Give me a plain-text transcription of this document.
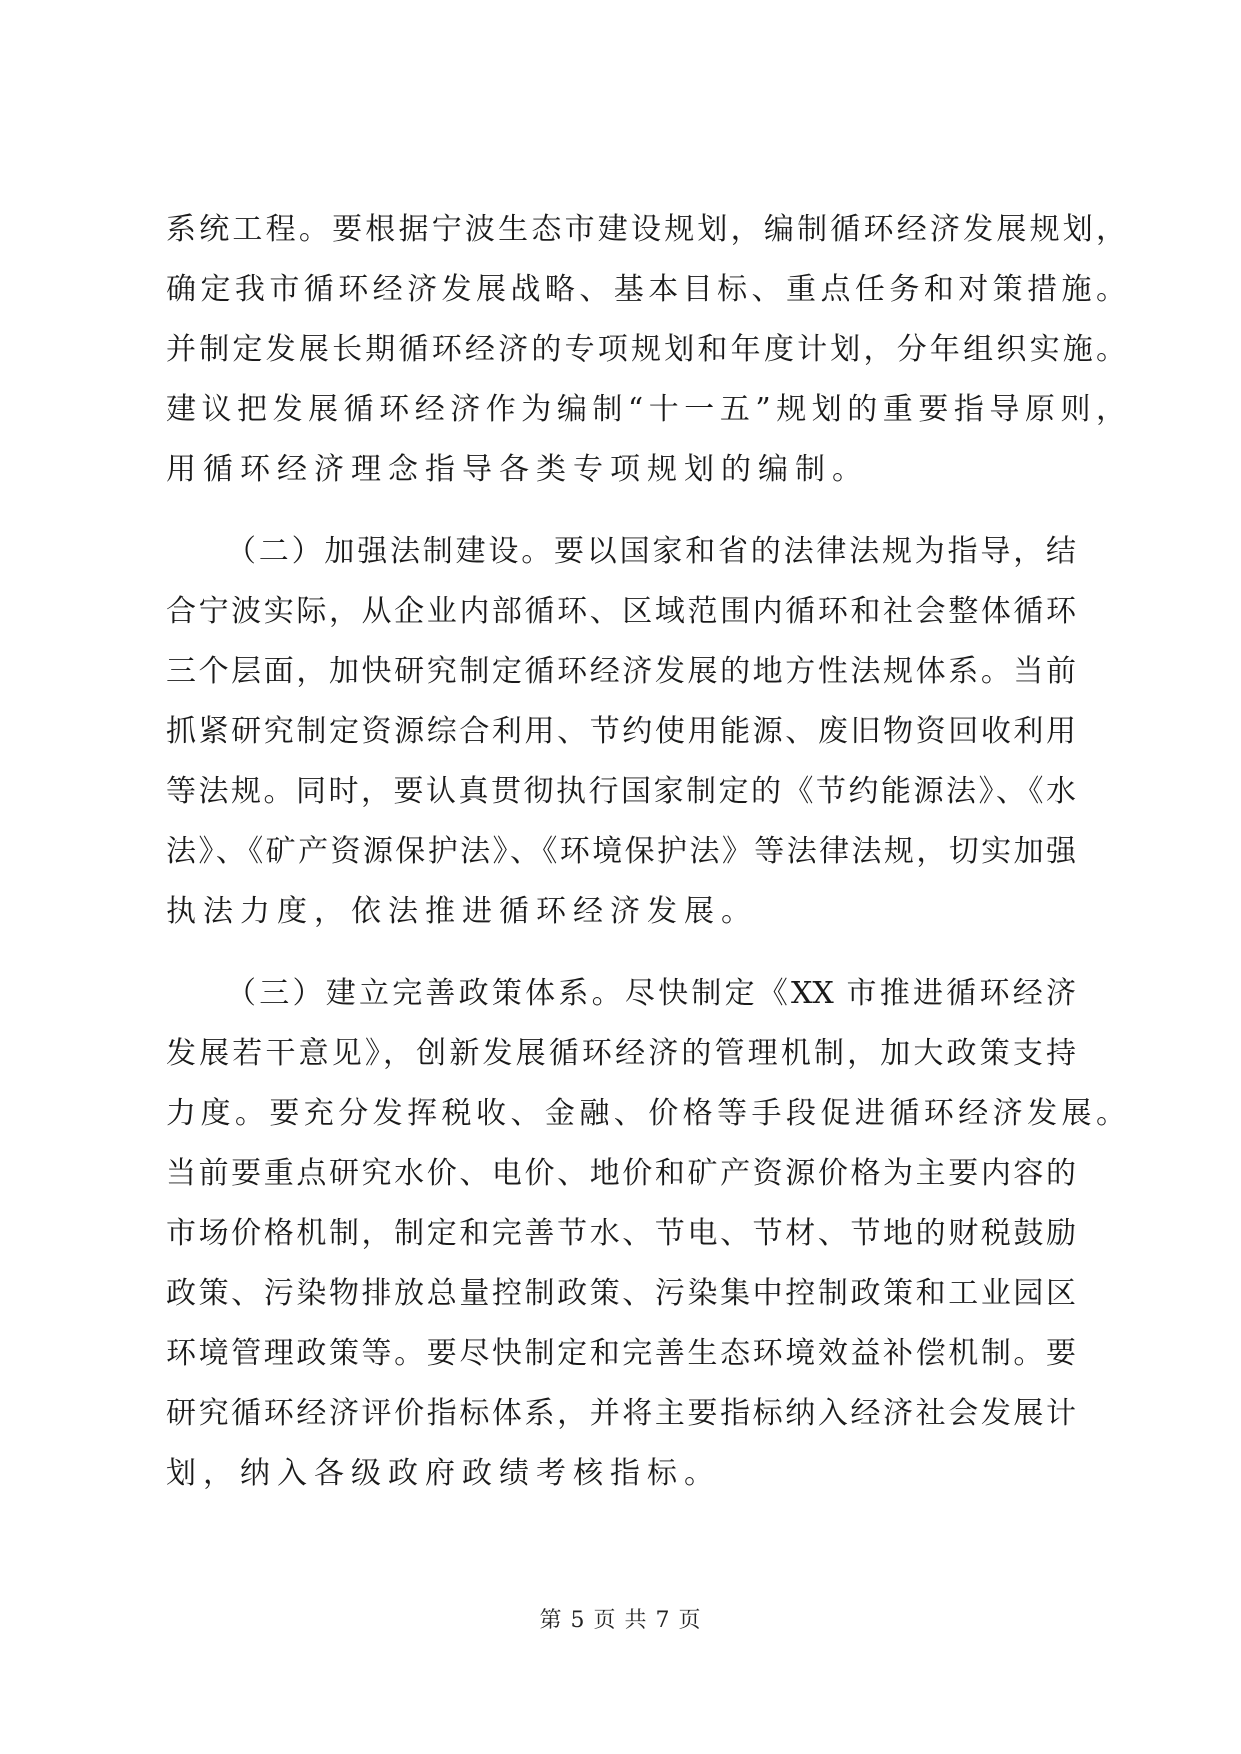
系统工程。要根据宁波生态市建设规划，编制循环经济发展规划，
确定我市循环经济发展战略、基本目标、重点任务和对策措施。
并制定发展长期循环经济的专项规划和年度计划，分年组织实施。
建议把发展循环经济作为编制“十一五”规划的重要指导原则，
用循环经济理念指导各类专项规划的编制。
（二）加强法制建设。要以国家和省的法律法规为指导，结
合宁波实际，从企业内部循环、区域范围内循环和社会整体循环
三个层面，加快研究制定循环经济发展的地方性法规体系。当前
抓紧研究制定资源综合利用、节约使用能源、废旧物资回收利用
等法规。同时，要认真贯彻执行国家制定的《节约能源法》、《水
法》、《矿产资源保护法》、《环境保护法》等法律法规，切实加强
执法力度，依法推进循环经济发展。
（三）建立完善政策体系。尽快制定《XX 市推进循环经济
发展若干意见》，创新发展循环经济的管理机制，加大政策支持
力度。要充分发挥税收、金融、价格等手段促进循环经济发展。
当前要重点研究水价、电价、地价和矿产资源价格为主要内容的
市场价格机制，制定和完善节水、节电、节材、节地的财税鼓励
政策、污染物排放总量控制政策、污染集中控制政策和工业园区
环境管理政策等。要尽快制定和完善生态环境效益补偿机制。要
研究循环经济评价指标体系，并将主要指标纳入经济社会发展计
划，纳入各级政府政绩考核指标。
第 5 页 共 7 页
